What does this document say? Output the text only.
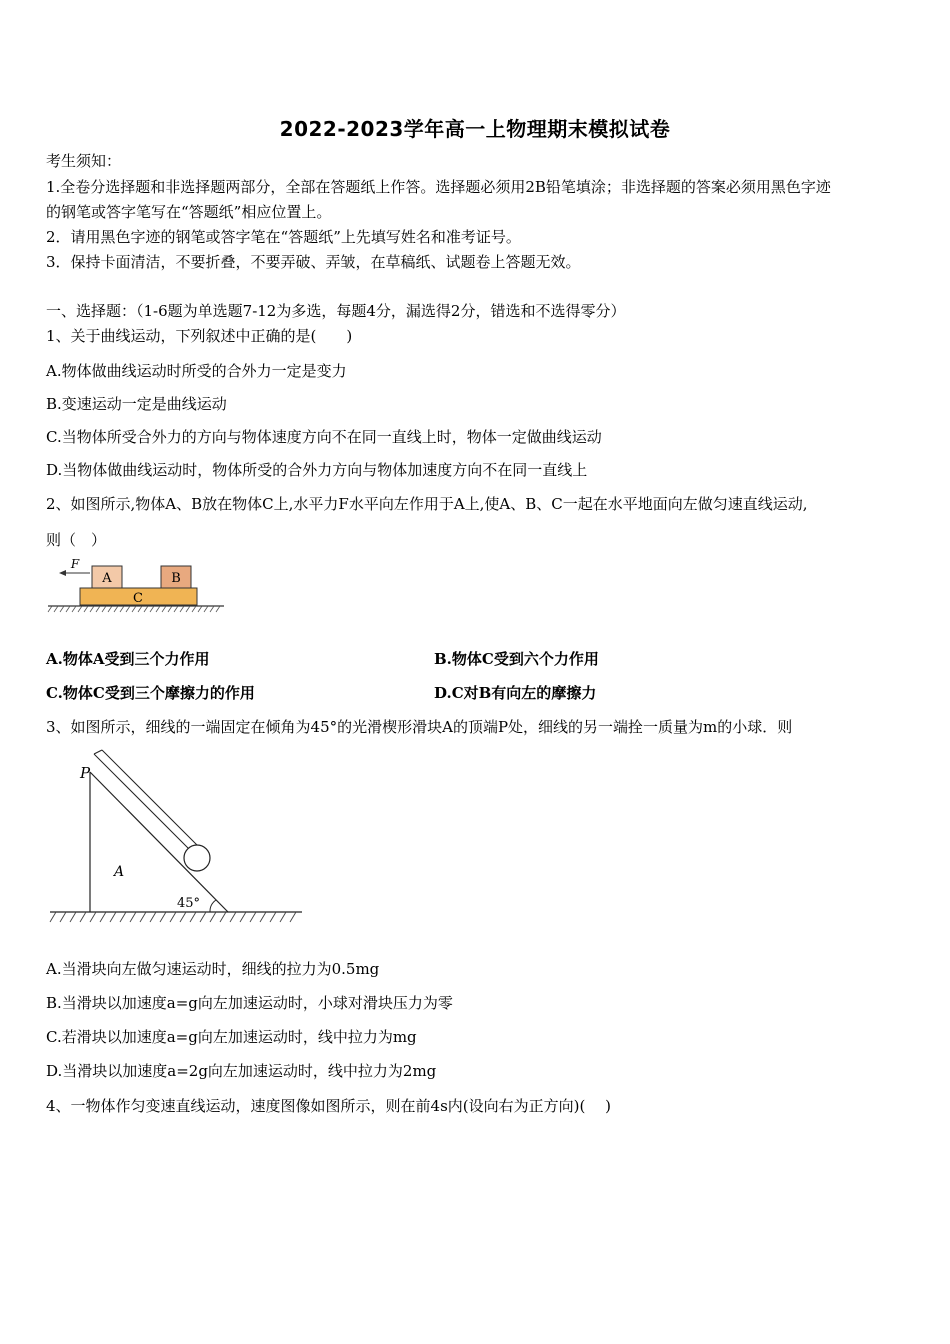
2022-2023学年高一上物理期末模拟试卷
考生须知：
1.全卷分选择题和非选择题两部分，全部在答题纸上作答。选择题必须用2B铅笔填涂；非选择题的答案必须用黑色字迹
的钢笔或答字笔写在“答题纸”相应位置上。
2．请用黑色字迹的钢笔或答字笔在“答题纸”上先填写姓名和准考证号。
3．保持卡面清洁，不要折叠，不要弄破、弄皱，在草稿纸、试题卷上答题无效。
一、选择题：（1-6题为单选题7-12为多选，每题4分，漏选得2分，错选和不选得零分）
1、关于曲线运动，下列叙述中正确的是(　　)
A.物体做曲线运动时所受的合外力一定是变力
B.变速运动一定是曲线运动
C.当物体所受合外力的方向与物体速度方向不在同一直线上时，物体一定做曲线运动
D.当物体做曲线运动时，物体所受的合外力方向与物体加速度方向不在同一直线上
2、如图所示,物体A、B放在物体C上,水平力F水平向左作用于A上,使A、B、C一起在水平地面向左做匀速直线运动,
则（　）
A	B
C
F
A.物体A受到三个力作用	B.物体C受到六个力作用
C.物体C受到三个摩擦力的作用	D.C对B有向左的摩擦力
3、如图所示，细线的一端固定在倾角为45°的光滑楔形滑块A的顶端P处，细线的另一端拴一质量为m的小球．则
P
A
45°
A.当滑块向左做匀速运动时，细线的拉力为0.5mg
B.当滑块以加速度a=g向左加速运动时，小球对滑块压力为零
C.若滑块以加速度a=g向左加速运动时，线中拉力为mg
D.当滑块以加速度a=2g向左加速运动时，线中拉力为2mg
4、一物体作匀变速直线运动，速度图像如图所示，则在前4s内(设向右为正方向)(　 )
